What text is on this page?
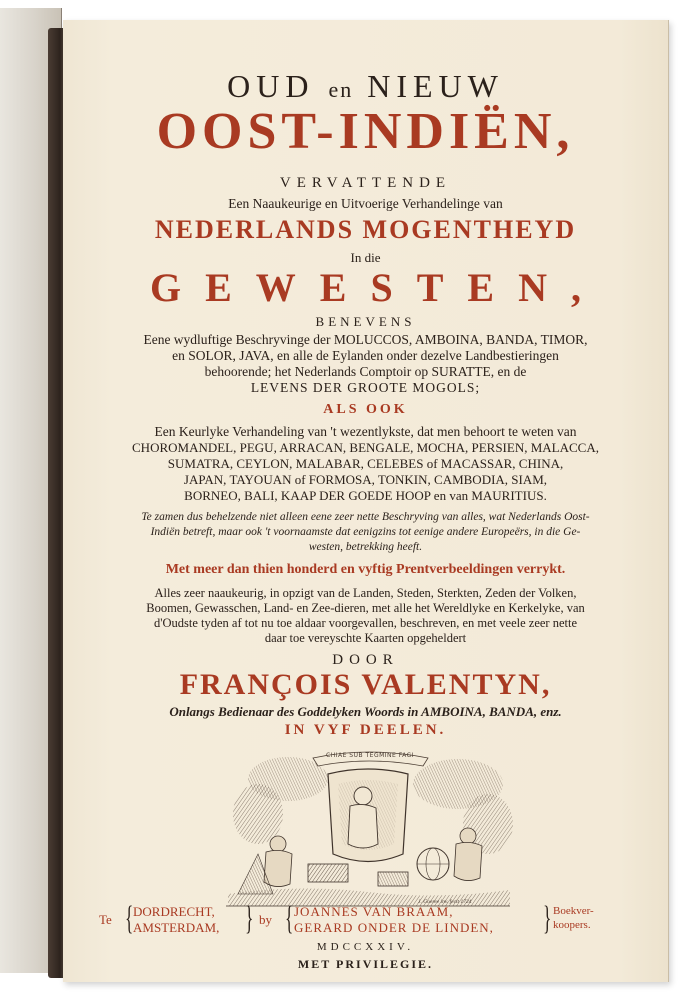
OUD en NIEUW
OOST-INDIËN,
VERVATTENDE
Een Naaukeurige en Uitvoerige Verhandelinge van
NEDERLANDS MOGENTHEYD
In die
GEWESTEN,
BENEVENS
Eene wydluftige Beschryvinge der MOLUCCOS, AMBOINA, BANDA, TIMOR,
en SOLOR, JAVA, en alle de Eylanden onder dezelve Landbestieringen
behoorende; het Nederlands Comptoir op SURATTE, en de
LEVENS DER GROOTE MOGOLS;
ALS OOK
Een Keurlyke Verhandeling van 't wezentlykste, dat men behoort te weten van
CHOROMANDEL, PEGU, ARRACAN, BENGALE, MOCHA, PERSIEN, MALACCA,
SUMATRA, CEYLON, MALABAR, CELEBES of MACASSAR, CHINA,
JAPAN, TAYOUAN of FORMOSA, TONKIN, CAMBODIA, SIAM,
BORNEO, BALI, KAAP DER GOEDE HOOP en van MAURITIUS.
Te zamen dus behelzende niet alleen eene zeer nette Beschryving van alles, wat Nederlands Oost-
Indiën betreft, maar ook 't voornaamste dat eenigzins tot eenige andere Europeërs, in die Ge-
westen, betrekking heeft.
Met meer dan thien honderd en vyftig Prentverbeeldingen verrykt.
Alles zeer naaukeurig, in opzigt van de Landen, Steden, Sterkten, Zeden der Volken,
Boomen, Gewasschen, Land- en Zee-dieren, met alle het Wereldlyke en Kerkelyke, van
d'Oudste tyden af tot nu toe aldaar voorgevallen, beschreven, en met veele zeer nette
daar toe vereyschte Kaarten opgeheldert
DOOR
FRANÇOIS VALENTYN,
Onlangs Bedienaar des Goddelyken Woords in AMBOINA, BANDA, enz.
IN VYF DEELEN.
CHIAE SUB TEGMINE FAGI
J. Goeree inv. fecit 1724
Te { DORDRECHT,
AMSTERDAM, } by { JOANNES VAN BRAAM,
GERARD ONDER DE LINDEN, } Boekver-
koopers.
MDCCXXIV.
MET PRIVILEGIE.
